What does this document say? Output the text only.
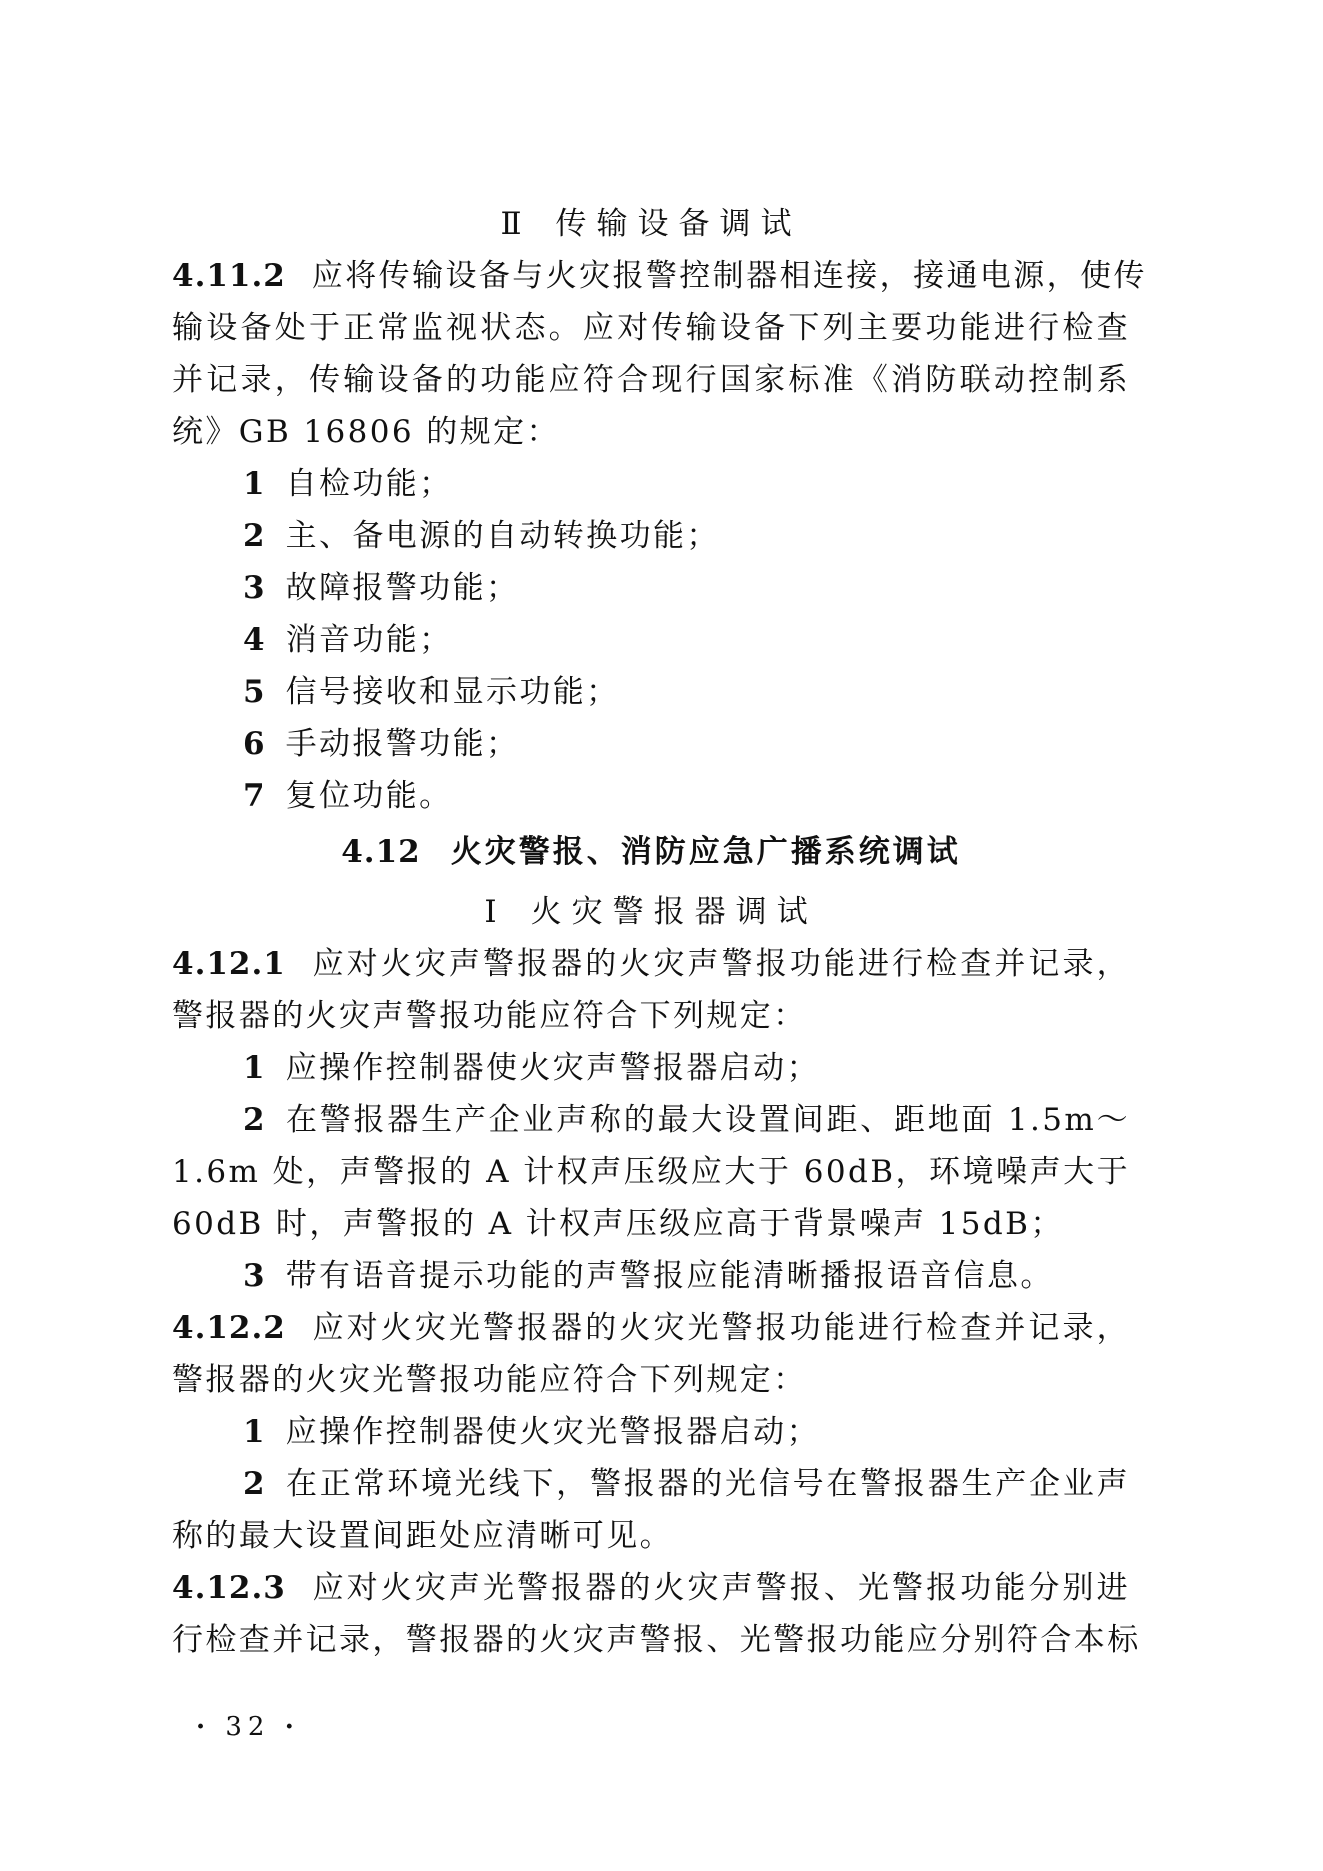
Ⅱ 传输设备调试
4.11.2 应将传输设备与火灾报警控制器相连接，接通电源，使传
输设备处于正常监视状态。应对传输设备下列主要功能进行检查
并记录，传输设备的功能应符合现行国家标准《消防联动控制系
统》GB 16806 的规定：
1 自检功能；
2 主、备电源的自动转换功能；
3 故障报警功能；
4 消音功能；
5 信号接收和显示功能；
6 手动报警功能；
7 复位功能。
4.12 火灾警报、消防应急广播系统调试
Ⅰ 火灾警报器调试
4.12.1 应对火灾声警报器的火灾声警报功能进行检查并记录，
警报器的火灾声警报功能应符合下列规定：
1 应操作控制器使火灾声警报器启动；
2 在警报器生产企业声称的最大设置间距、距地面 1.5m～
1.6m 处，声警报的 A 计权声压级应大于 60dB，环境噪声大于
60dB 时，声警报的 A 计权声压级应高于背景噪声 15dB；
3 带有语音提示功能的声警报应能清晰播报语音信息。
4.12.2 应对火灾光警报器的火灾光警报功能进行检查并记录，
警报器的火灾光警报功能应符合下列规定：
1 应操作控制器使火灾光警报器启动；
2 在正常环境光线下，警报器的光信号在警报器生产企业声
称的最大设置间距处应清晰可见。
4.12.3 应对火灾声光警报器的火灾声警报、光警报功能分别进
行检查并记录，警报器的火灾声警报、光警报功能应分别符合本标
· 32 ·
